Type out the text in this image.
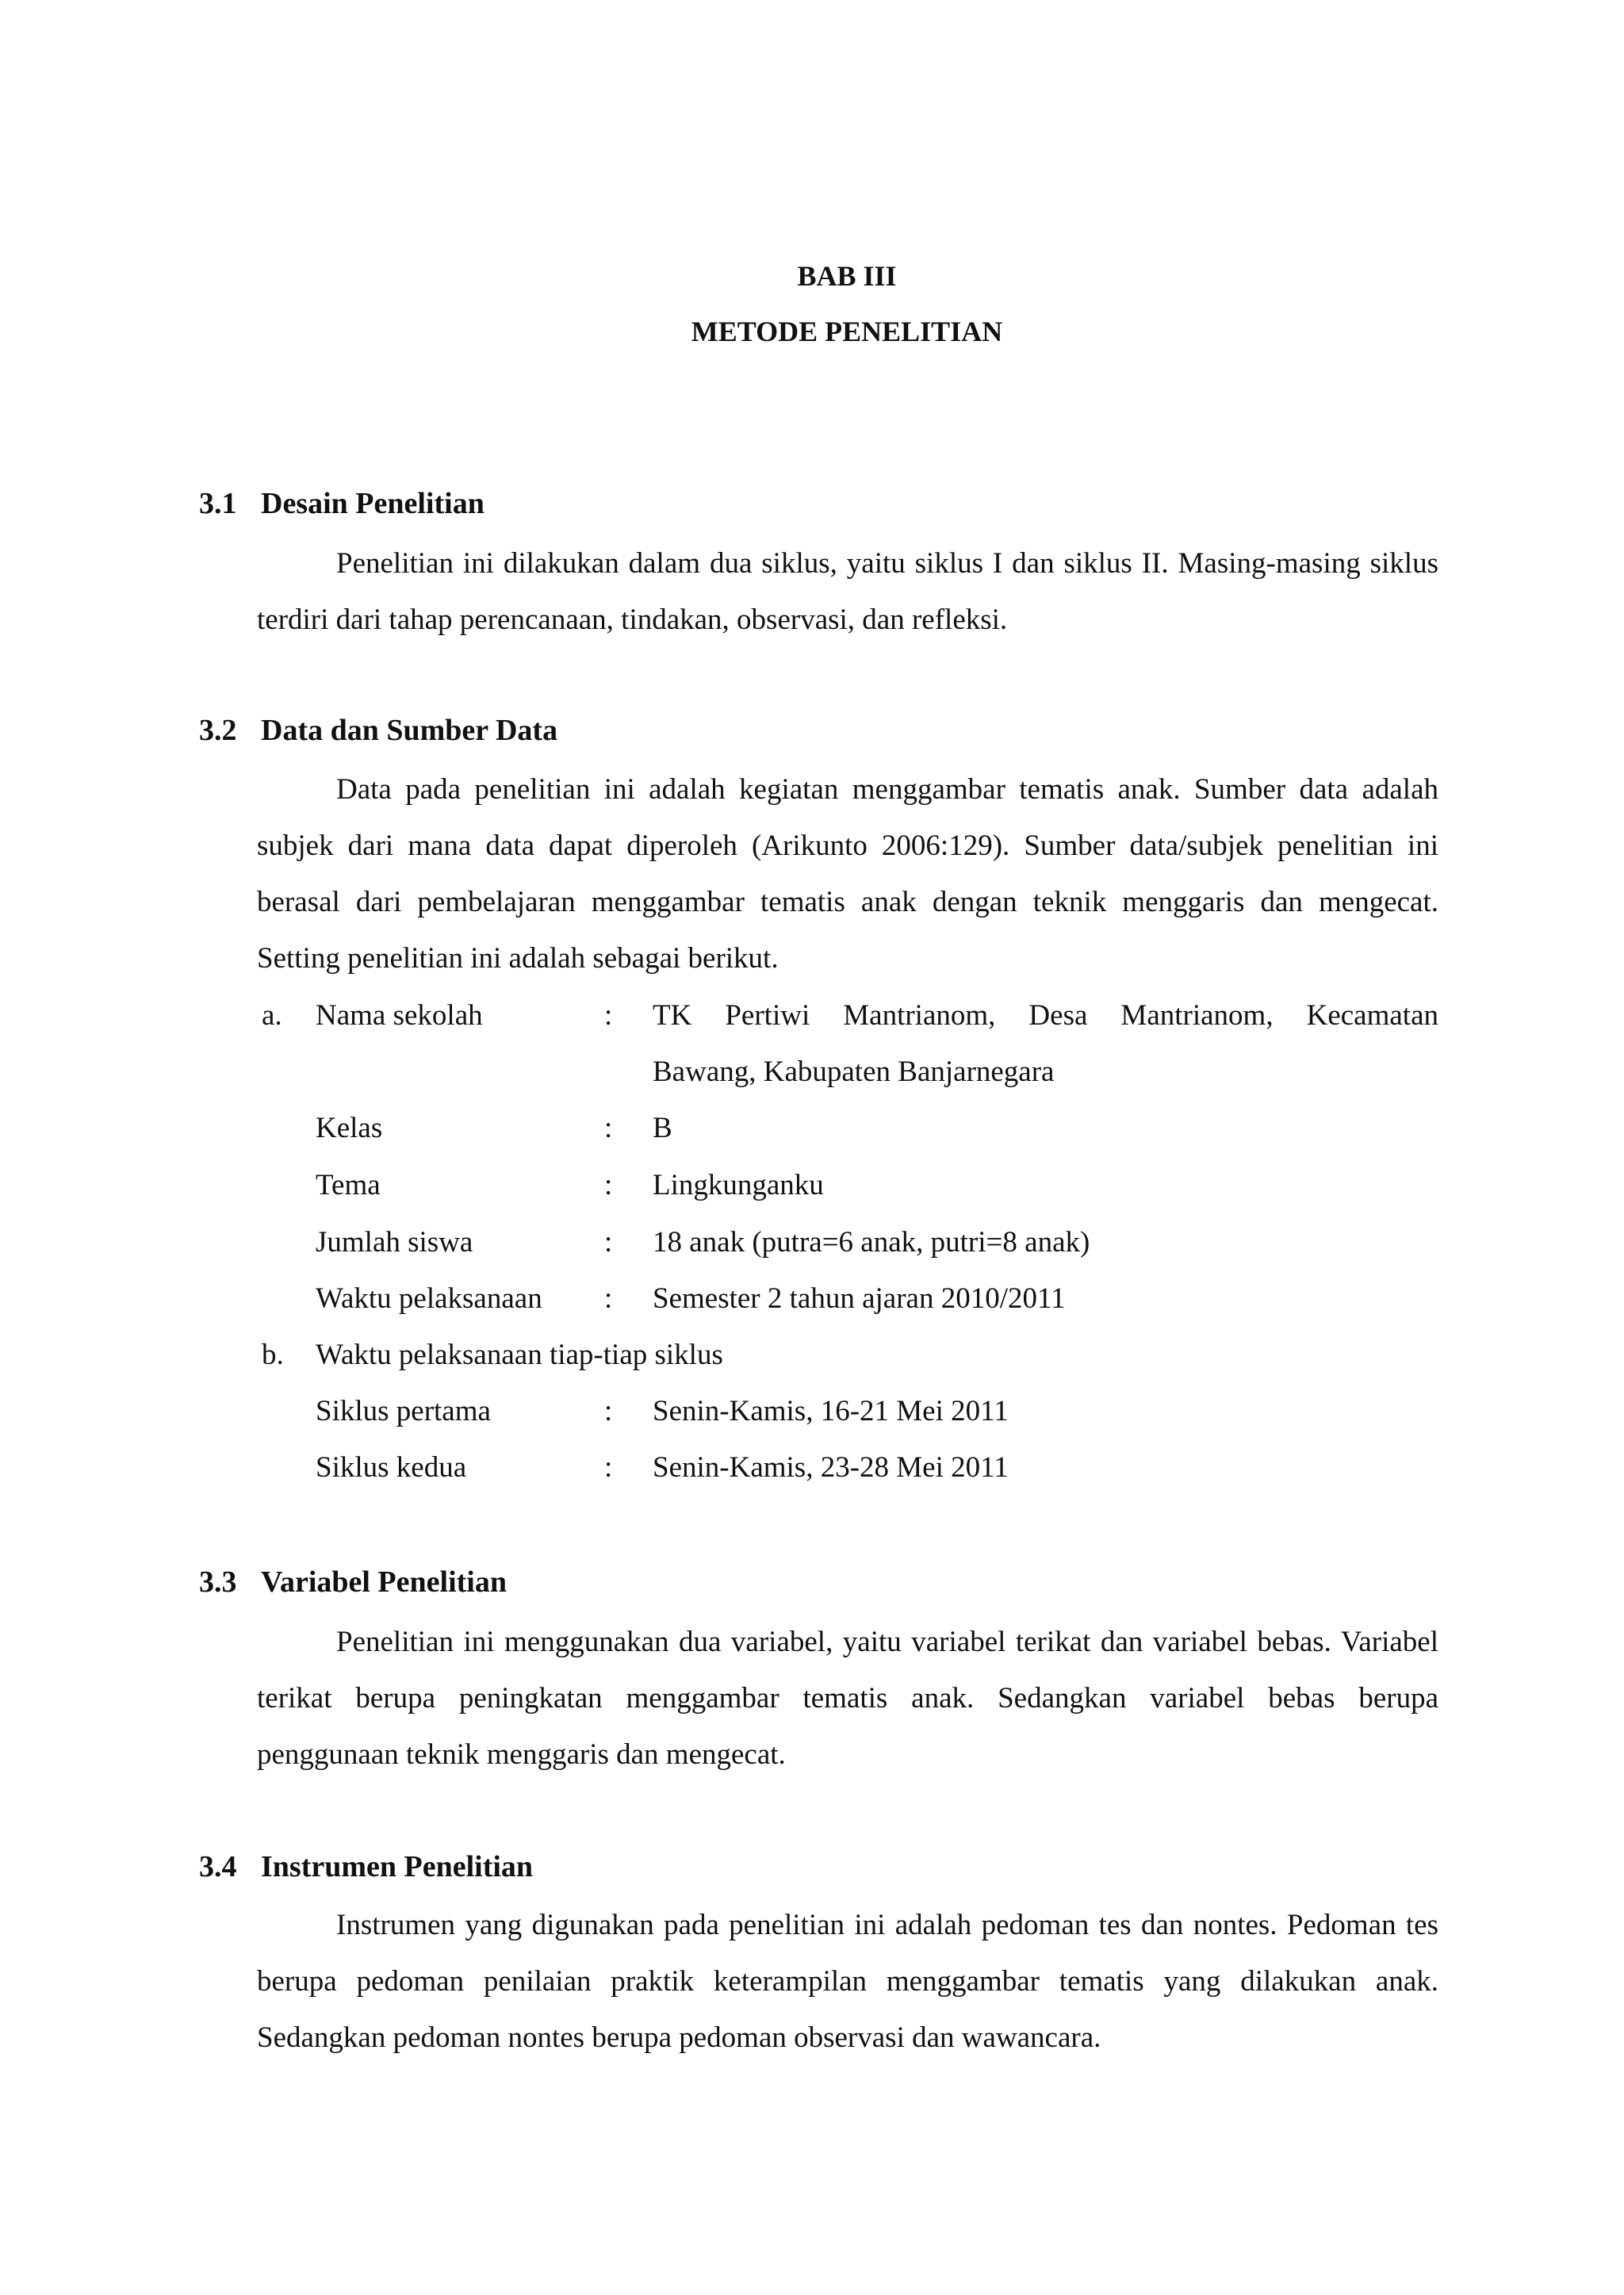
BAB III
METODE PENELITIAN
3.1 Desain Penelitian

Penelitian ini dilakukan dalam dua siklus, yaitu siklus I dan siklus II. Masing-masing siklus terdiri dari tahap perencanaan, tindakan, observasi, dan refleksi.

3.2 Data dan Sumber Data

Data pada penelitian ini adalah kegiatan menggambar tematis anak. Sumber data adalah subjek dari mana data dapat diperoleh (Arikunto 2006:129). Sumber data/subjek penelitian ini berasal dari pembelajaran menggambar tematis anak dengan teknik menggaris dan mengecat. Setting penelitian ini adalah sebagai berikut.

a. Nama sekolah	: TK Pertiwi Mantrianom, Desa Mantrianom, Kecamatan
Bawang, Kabupaten Banjarnegara
Kelas	: B
Tema	: Lingkunganku
Jumlah siswa	: 18 anak (putra=6 anak, putri=8 anak)
Waktu pelaksanaan : Semester 2 tahun ajaran 2010/2011
b. Waktu pelaksanaan tiap-tiap siklus
Siklus pertama	: Senin-Kamis, 16-21 Mei 2011
Siklus kedua	: Senin-Kamis, 23-28 Mei 2011
3.3 Variabel Penelitian

Penelitian ini menggunakan dua variabel, yaitu variabel terikat dan variabel bebas. Variabel terikat berupa peningkatan menggambar tematis anak. Sedangkan variabel bebas berupa penggunaan teknik menggaris dan mengecat.

3.4 Instrumen Penelitian

Instrumen yang digunakan pada penelitian ini adalah pedoman tes dan nontes. Pedoman tes berupa pedoman penilaian praktik keterampilan menggambar tematis yang dilakukan anak. Sedangkan pedoman nontes berupa pedoman observasi dan wawancara.
